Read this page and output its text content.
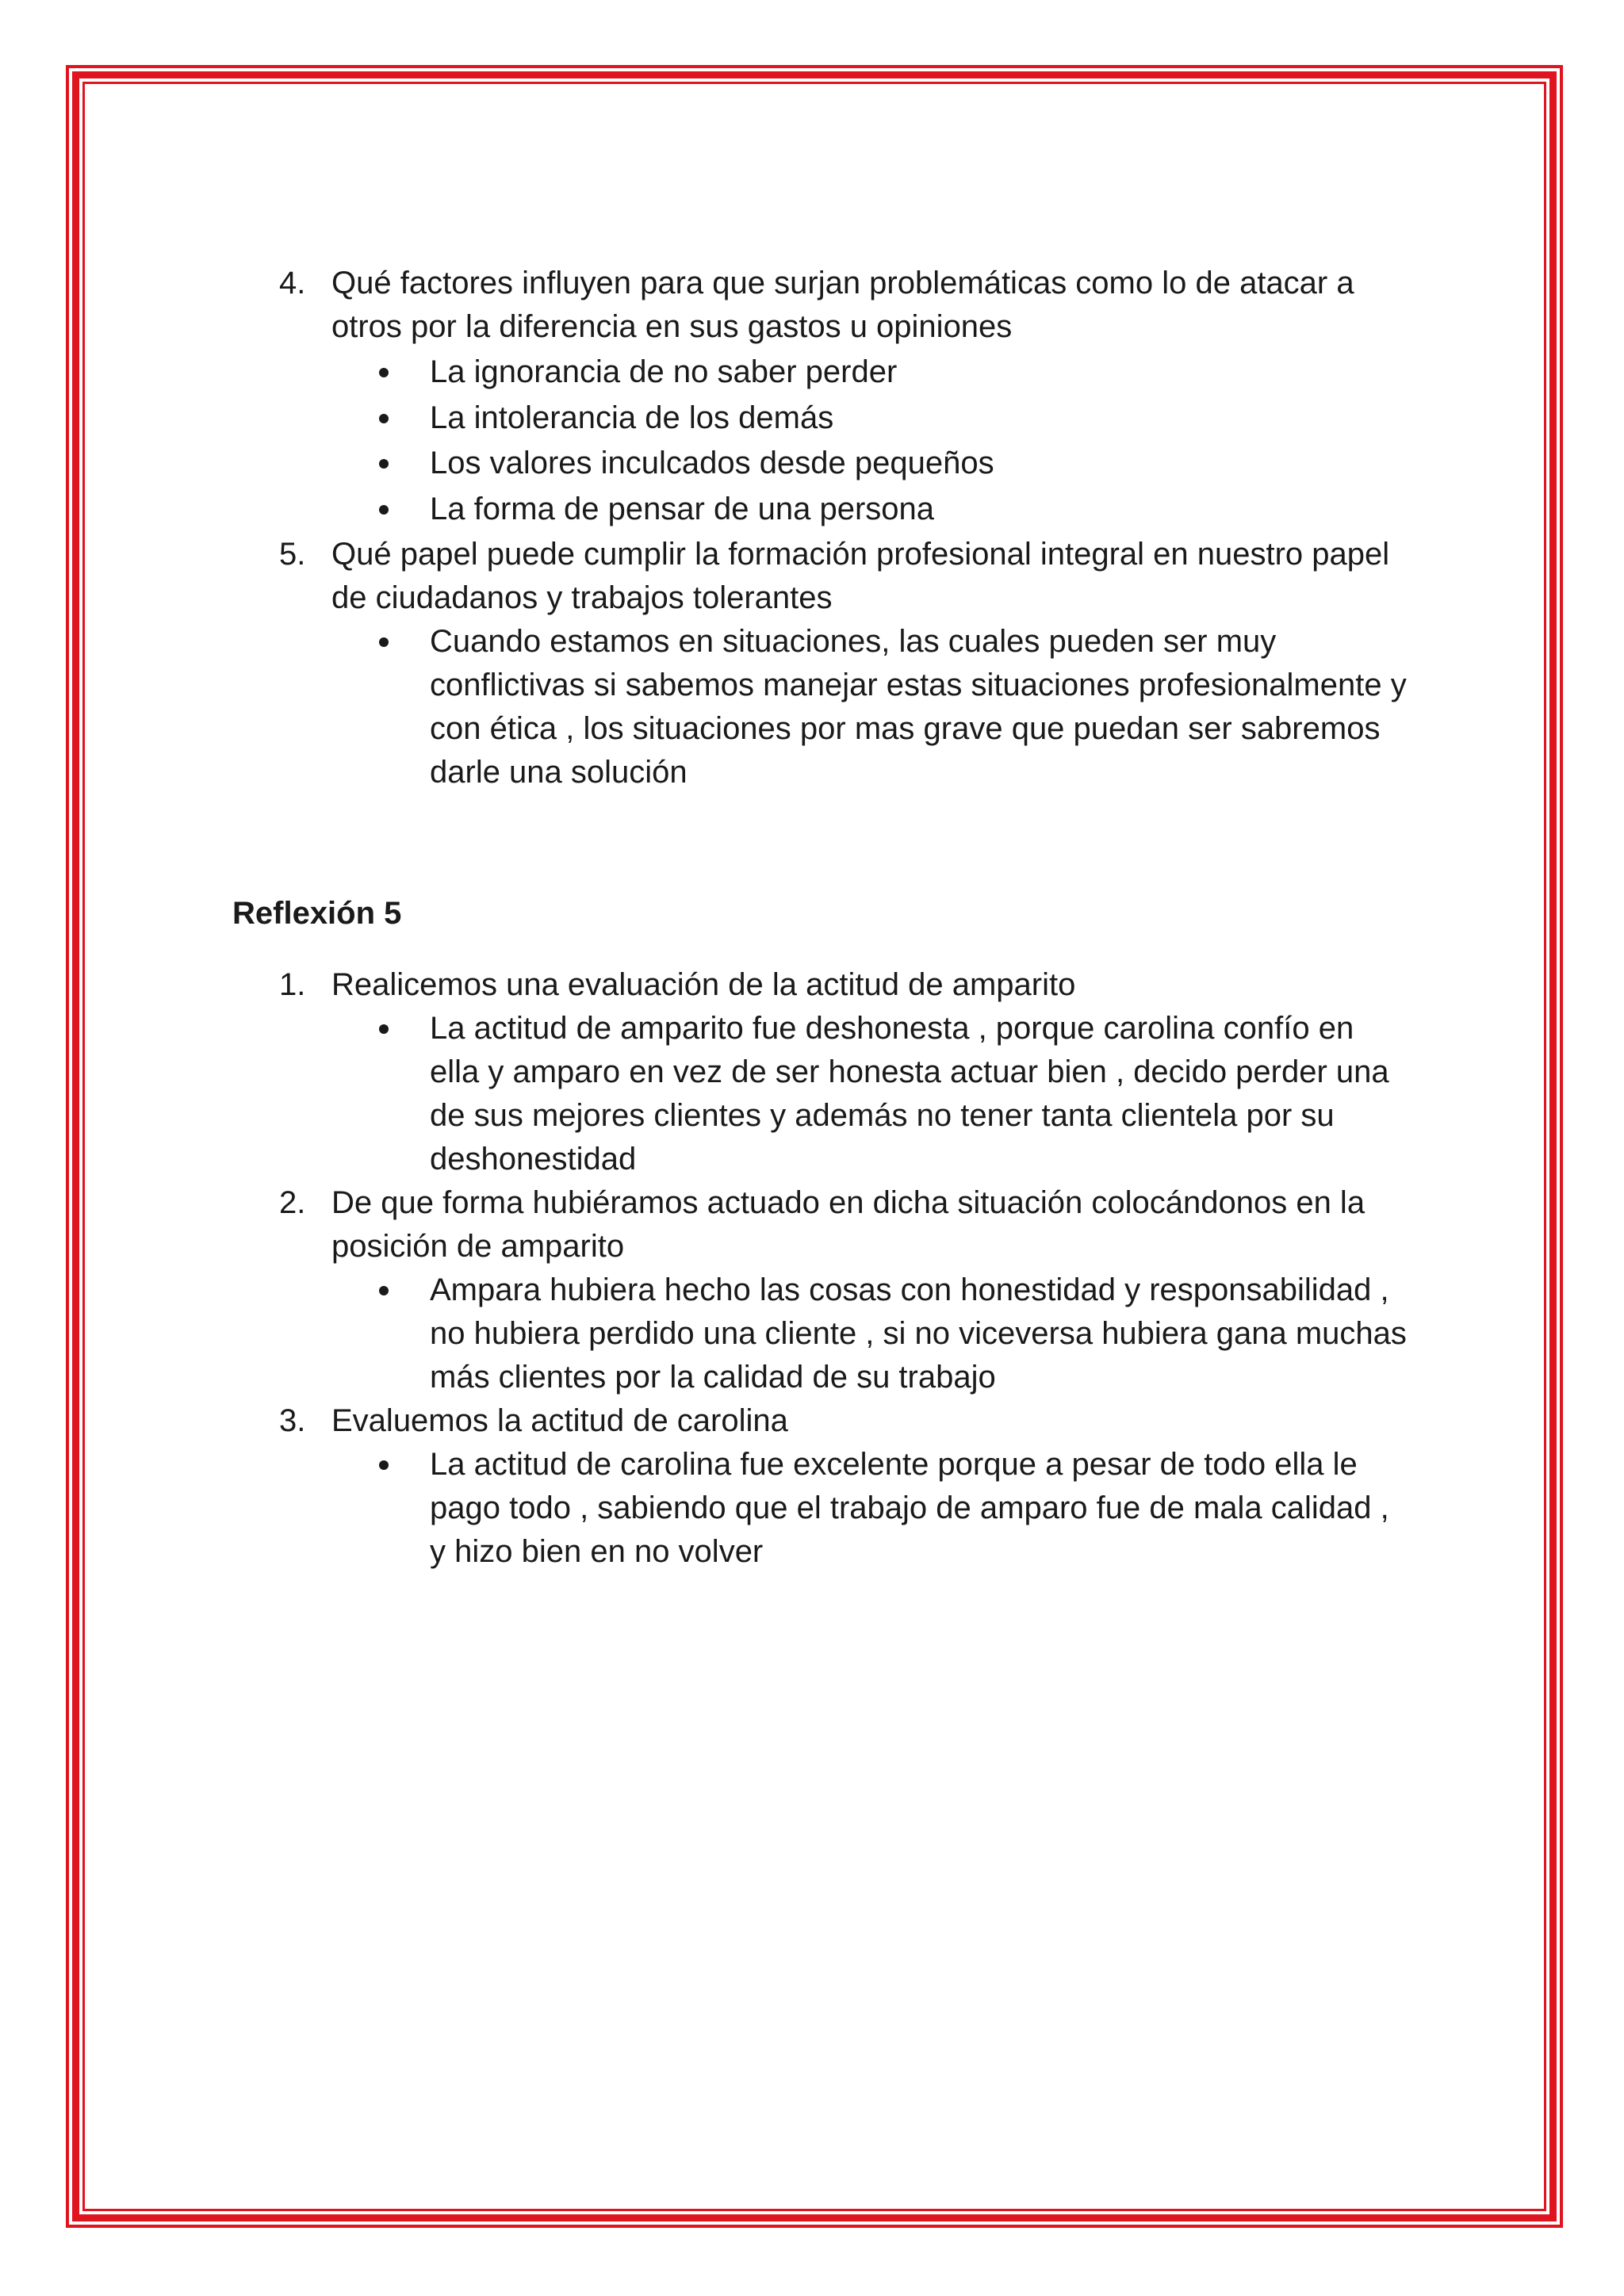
4. Qué factores influyen para que surjan problemáticas como lo de atacar a otros por la diferencia en sus gastos u opiniones
La ignorancia de no saber perder
La intolerancia de los demás
Los valores inculcados desde pequeños
La forma de pensar de una persona
5. Qué papel puede cumplir la formación profesional integral en nuestro papel de ciudadanos y trabajos tolerantes
Cuando estamos en situaciones, las cuales pueden ser muy conflictivas si sabemos manejar estas situaciones profesionalmente y con ética , los situaciones por mas grave que puedan ser sabremos darle una solución
Reflexión 5
1. Realicemos una evaluación de la actitud de amparito
La actitud de amparito fue deshonesta , porque carolina confío en ella y amparo en vez de ser honesta actuar bien , decido perder una de sus mejores clientes y además no tener tanta clientela por su deshonestidad
2. De que forma hubiéramos actuado en dicha situación colocándonos en la posición de amparito
Ampara hubiera hecho las cosas con honestidad y responsabilidad , no hubiera perdido una cliente , si no viceversa hubiera gana muchas más clientes por la calidad de su trabajo
3. Evaluemos la actitud de carolina
La actitud de carolina fue excelente porque a pesar de todo ella le pago todo , sabiendo que el trabajo de amparo fue de mala calidad , y hizo bien en no volver
